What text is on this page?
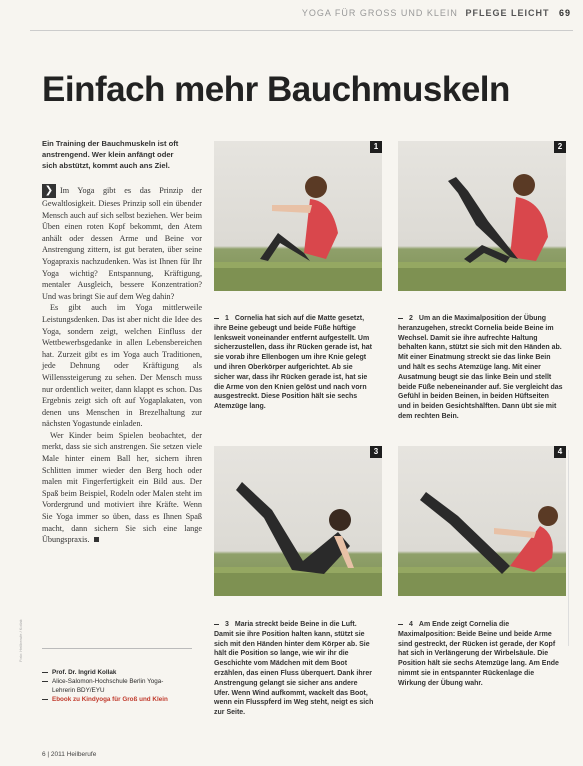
YOGA FÜR GROSS UND KLEIN PFLEGE LEICHT 69
Einfach mehr Bauchmuskeln
Ein Training der Bauchmuskeln ist oft anstrengend. Wer klein anfängt oder sich abstützt, kommt auch ans Ziel.

❯ Im Yoga gibt es das Prinzip der Gewaltlosigkeit. Dieses Prinzip soll ein übender Mensch auch auf sich selbst beziehen. Wer beim Üben einen roten Kopf bekommt, den Atem anhält oder dessen Arme und Beine vor Anstrengung zittern, ist gut beraten, über seine Yogapraxis nachzudenken. Was ist Ihnen für Ihr Yoga wichtig? Entspannung, Kräftigung, mentaler Ausgleich, bessere Konzentration? Und was bringt Sie auf dem Weg dahin?

Es gibt auch im Yoga mittlerweile Leistungsdenken. Das ist aber nicht die Idee des Yoga, sondern zeigt, welchen Einfluss der Wettbewerbsgedanke in allen Lebensbereichen hat. Zurzeit gibt es im Yoga auch Traditionen, jede Dehnung oder Kräftigung als Willenssteigerung zu sehen. Der Mensch muss nur ordentlich weiter, dann klappt es schon. Das Ergebnis zeigt sich oft auf Yogaplakaten, von denen uns Menschen in Brezelhaltung zur nächsten Yogastunde einladen.

Wer Kinder beim Spielen beobachtet, der merkt, dass sie sich anstrengen. Sie setzen viele Male hinter einem Ball her, sichern ihren Schlitten immer wieder den Berg hoch oder malen mit Fingerfertigkeit ein Bild aus. Der Spaß beim Beispiel, Rodeln oder Malen steht im Vordergrund und motiviert ihre Kräfte. Wenn Sie Yoga immer so üben, dass es Ihnen Spaß macht, dann sichern Sie sich eine lange Übungspraxis.

1	2
1 Cornelia hat sich auf die Matte gesetzt, ihre Beine gebeugt und beide Füße hüftige lenksweit voneinander entfernt aufgestellt. Um sicherzustellen, dass ihr Rücken gerade ist, hat sie vorab ihre Ellenbogen um ihre Knie gelegt und ihren Oberkörper aufgerichtet. Ab sie sicher war, dass ihr Rücken gerade ist, hat sie die Arme von den Knien gelöst und nach vorn ausgestreckt. Diese Position hält sie sechs Atemzüge lang.
2 Um an die Maximalposition der Übung heranzugehen, streckt Cornelia beide Beine im Wechsel. Damit sie ihre aufrechte Haltung behalten kann, stützt sie sich mit den Händen ab. Mit einer Einatmung streckt sie das linke Bein und hält es sechs Atemzüge lang. Mit einer Ausatmung beugt sie das linke Bein und stellt beide Füße nebeneinander auf. Sie vergleicht das Gefühl in beiden Beinen, in beiden Hüftseiten und in beiden Gesichtshälften. Dann übt sie mit dem rechten Bein.
3	4
3 Maria streckt beide Beine in die Luft. Damit sie ihre Position halten kann, stützt sie sich mit den Händen hinter dem Körper ab. Sie hält die Position so lange, wie wir ihr die Geschichte vom Mädchen mit dem Boot erzählen, das einen Fluss überquert. Dank ihrer Anstrengung gelangt sie sicher ans andere Ufer. Wenn Wind aufkommt, wackelt das Boot, wenn ein Flusspferd im Weg steht, neigt es sich zur Seite.
4 Am Ende zeigt Cornelia die Maximalposition: Beide Beine und beide Arme sind gestreckt, der Rücken ist gerade, der Kopf hat sich in Verlängerung der Wirbelsäule. Die Position hält sie sechs Atemzüge lang. Am Ende nimmt sie in entspannter Rückenlage die Wirkung der Übung wahr.
Prof. Dr. Ingrid Kollak
Alice-Salomon-Hochschule Berlin Yoga-Lehrerin BDY/EYU
Ebook zu Kindyoga für Groß und Klein
Foto: Heilberufe / Kollak
6 | 2011 Heilberufe
